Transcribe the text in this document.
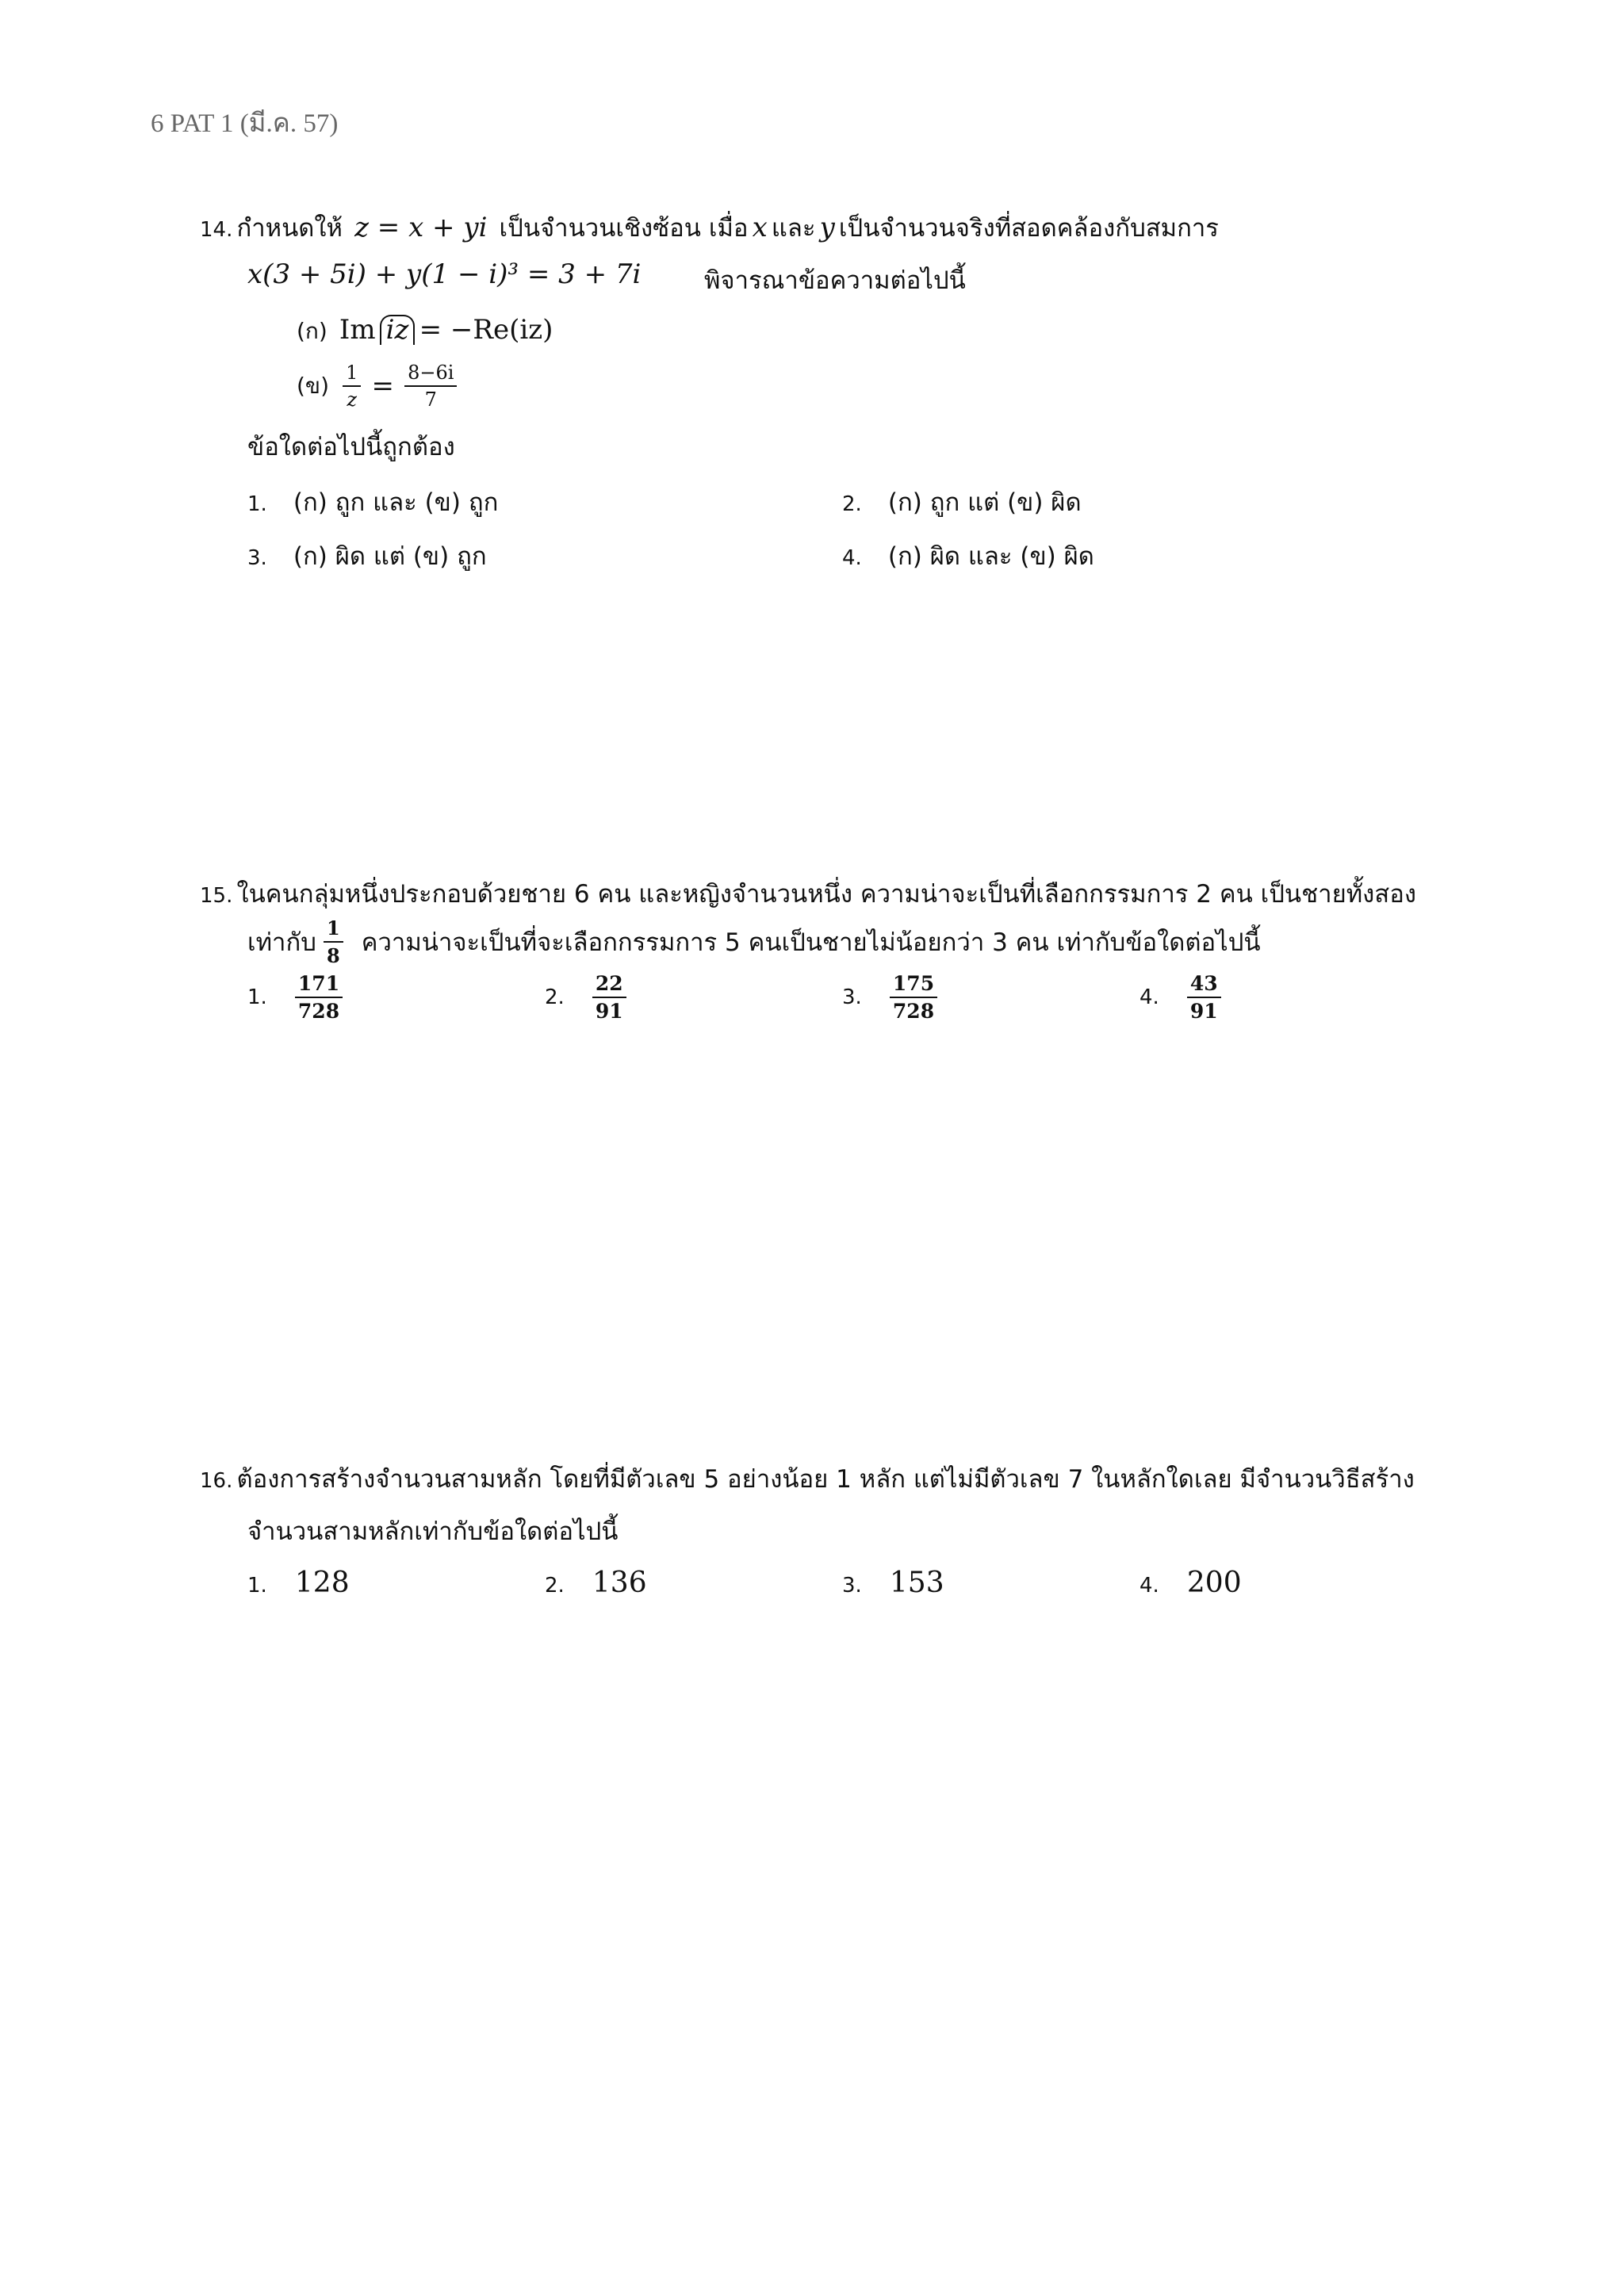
6 PAT 1 (มี.ค. 57)
14. กำหนดให้ z = x + yi เป็นจำนวนเชิงซ้อน เมื่อ x และ y เป็นจำนวนจริงที่สอดคล้องกับสมการ
x(3 + 5i) + y(1 − i)³ = 3 + 7i	พิจารณาข้อความต่อไปนี้
(ก) Im iz = −Re(iz)
(ข) $\frac{1}{z} = \frac{8-6i}{7}$
ข้อใดต่อไปนี้ถูกต้อง
1. (ก) ถูก และ (ข) ถูก	2. (ก) ถูก แต่ (ข) ผิด
3. (ก) ผิด แต่ (ข) ถูก	4. (ก) ผิด และ (ข) ผิด
15. ในคนกลุ่มหนึ่งประกอบด้วยชาย 6 คน และหญิงจำนวนหนึ่ง ความน่าจะเป็นที่เลือกกรรมการ 2 คน เป็นชายทั้งสอง
เท่ากับ $\frac{1}{8}$ ความน่าจะเป็นที่จะเลือกกรรมการ 5 คนเป็นชายไม่น้อยกว่า 3 คน เท่ากับข้อใดต่อไปนี้
1. $\frac{171}{728}$	2. $\frac{22}{91}$	3. $\frac{175}{728}$	4. $\frac{43}{91}$
16. ต้องการสร้างจำนวนสามหลัก โดยที่มีตัวเลข 5 อย่างน้อย 1 หลัก แต่ไม่มีตัวเลข 7 ในหลักใดเลย มีจำนวนวิธีสร้าง
จำนวนสามหลักเท่ากับข้อใดต่อไปนี้
1. 128	2. 136	3. 153	4. 200
